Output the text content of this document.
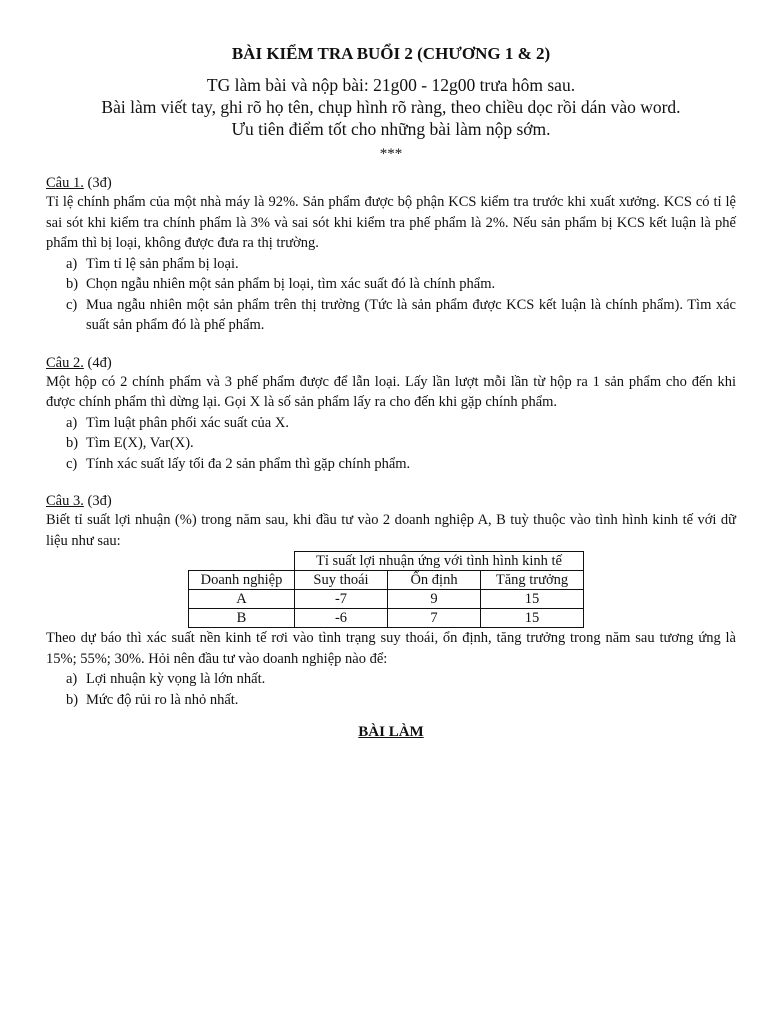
BÀI KIỂM TRA BUỔI 2 (CHƯƠNG 1 & 2)

TG làm bài và nộp bài: 21g00 - 12g00 trưa hôm sau.

Bài làm viết tay, ghi rõ họ tên, chụp hình rõ ràng, theo chiều dọc rồi dán vào word.

Ưu tiên điểm tốt cho những bài làm nộp sớm.

***

Câu 1. (3đ)

Tỉ lệ chính phẩm của một nhà máy là 92%. Sản phẩm được bộ phận KCS kiểm tra trước khi xuất xưởng. KCS có tỉ lệ sai sót khi kiểm tra chính phẩm là 3% và sai sót khi kiểm tra phế phẩm là 2%. Nếu sản phẩm bị KCS kết luận là phế phẩm thì bị loại, không được đưa ra thị trường.

a) Tìm tỉ lệ sản phẩm bị loại.
b) Chọn ngẫu nhiên một sản phẩm bị loại, tìm xác suất đó là chính phẩm.
c) Mua ngẫu nhiên một sản phẩm trên thị trường (Tức là sản phẩm được KCS kết luận là chính phẩm). Tìm xác suất sản phẩm đó là phế phẩm.

Câu 2. (4đ)

Một hộp có 2 chính phẩm và 3 phế phẩm được để lẫn loại. Lấy lần lượt mỗi lần từ hộp ra 1 sản phẩm cho đến khi được chính phẩm thì dừng lại. Gọi X là số sản phẩm lấy ra cho đến khi gặp chính phẩm.

a) Tìm luật phân phối xác suất của X.
b) Tìm E(X), Var(X).
c) Tính xác suất lấy tối đa 2 sản phẩm thì gặp chính phẩm.

Câu 3. (3đ)

Biết tỉ suất lợi nhuận (%) trong năm sau, khi đầu tư vào 2 doanh nghiệp A, B tuỳ thuộc vào tình hình kinh tế với dữ liệu như sau:

	Tỉ suất lợi nhuận ứng với tình hình kinh tế		
Doanh nghiệp	Suy thoái	Ổn định	Tăng trưởng
A	-7	9	15
B	-6	7	15

Theo dự báo thì xác suất nền kinh tế rơi vào tình trạng suy thoái, ổn định, tăng trưởng trong năm sau tương ứng là 15%; 55%; 30%. Hỏi nên đầu tư vào doanh nghiệp nào để:

a) Lợi nhuận kỳ vọng là lớn nhất.
b) Mức độ rủi ro là nhỏ nhất.
BÀI LÀM
